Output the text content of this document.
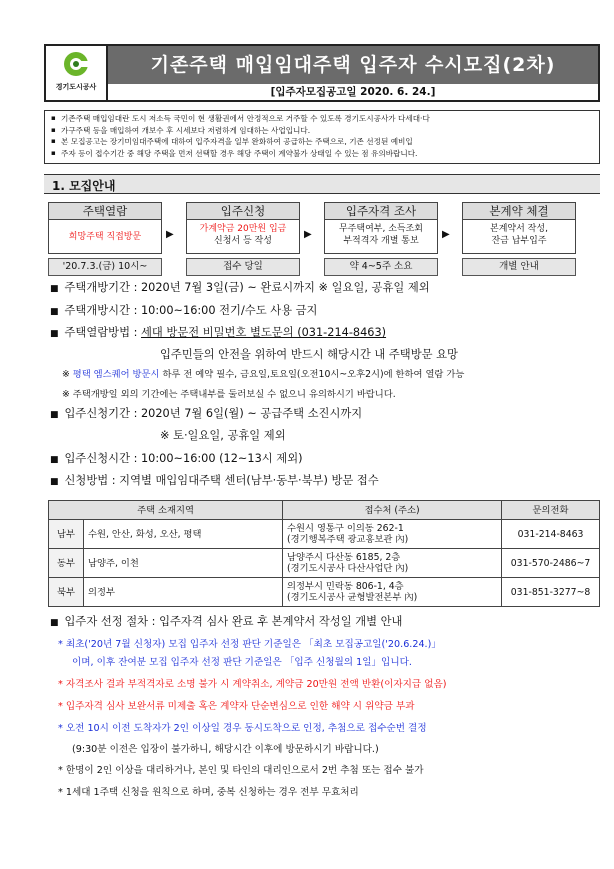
경기도시공사
기존주택 매입임대주택 입주자 수시모집(2차)
[입주자모집공고일 2020. 6. 24.]

▪ 기존주택 매입임대란 도시 저소득 국민이 현 생활권에서 안정적으로 거주할 수 있도록 경기도시공사가 다세대·다

▪ 가구주택 등을 매입하여 개보수 후 시세보다 저렴하게 임대하는 사업입니다.

▪ 본 모집공고는 장기미임대주택에 대하여 입주자격을 일부 완화하여 공급하는 주택으로, 기존 선정된 예비입

▪ 주자 등이 접수기간 중 해당 주택을 먼저 선택할 경우 해당 주택이 계약불가 상태일 수 있는 점 유의바랍니다.

1. 모집안내
주택열람
희망주택 직접방문	▶
입주신청
가계약금 20만원 입금
신청서 등 작성
▶
입주자격 조사
무주택여부, 소득조회
부적격자 개별 통보
▶
본계약 체결
본계약서 작성,
잔금 납부입주
'20.7.3.(금) 10시~	접수 당일	약 4~5주 소요	개별 안내
■ 주택개방기간 : 2020년 7월 3일(금) ~ 완료시까지 ※ 일요일, 공휴일 제외
■ 주택개방시간 : 10:00~16:00 전기/수도 사용 금지
■ 주택열람방법 : 세대 방문전 비밀번호 별도문의 (031-214-8463)
입주민들의 안전을 위하여 반드시 해당시간 내 주택방문 요망
※ 평택 엠스퀘어 방문시 하루 전 예약 필수, 금요일,토요일(오전10시~오후2시)에 한하여 열람 가능
※ 주택개방일 외의 기간에는 주택내부를 둘러보실 수 없으니 유의하시기 바랍니다.
■ 입주신청기간 : 2020년 7월 6일(월) ~ 공급주택 소진시까지
※ 토·일요일, 공휴일 제외
■ 입주신청시간 : 10:00~16:00 (12~13시 제외)
■ 신청방법 : 지역별 매입임대주택 센터(남부·동부·북부) 방문 접수
주택 소재지역		접수처 (주소)	문의전화
남부	수원, 안산, 화성, 오산, 평택	수원시 영통구 이의동 262-1
(경기행복주택 광교홍보관 內)	031-214-8463
동부	남양주, 이천	남양주시 다산동 6185, 2층
(경기도시공사 다산사업단 內)	031-570-2486~7
북부	의정부	의정부시 민락동 806-1, 4층
(경기도시공사 균형발전본부 內)	031-851-3277~8
■ 입주자 선정 절차 : 입주자격 심사 완료 후 본계약서 작성일 개별 안내
* 최초('20년 7월 신청자) 모집 입주자 선정 판단 기준일은 「최초 모집공고일('20.6.24.)」
이며, 이후 잔여분 모집 입주자 선정 판단 기준일은 「입주 신청월의 1일」입니다.
* 자격조사 결과 부적격자로 소명 불가 시 계약취소, 계약금 20만원 전액 반환(이자지급 없음)
* 입주자격 심사 보완서류 미제출 혹은 계약자 단순변심으로 인한 해약 시 위약금 부과
* 오전 10시 이전 도착자가 2인 이상일 경우 동시도착으로 인정, 추첨으로 접수순번 결정
(9:30분 이전은 입장이 불가하니, 해당시간 이후에 방문하시기 바랍니다.)
* 한명이 2인 이상을 대리하거나, 본인 및 타인의 대리인으로서 2번 추첨 또는 접수 불가
* 1세대 1주택 신청을 원칙으로 하며, 중복 신청하는 경우 전부 무효처리
